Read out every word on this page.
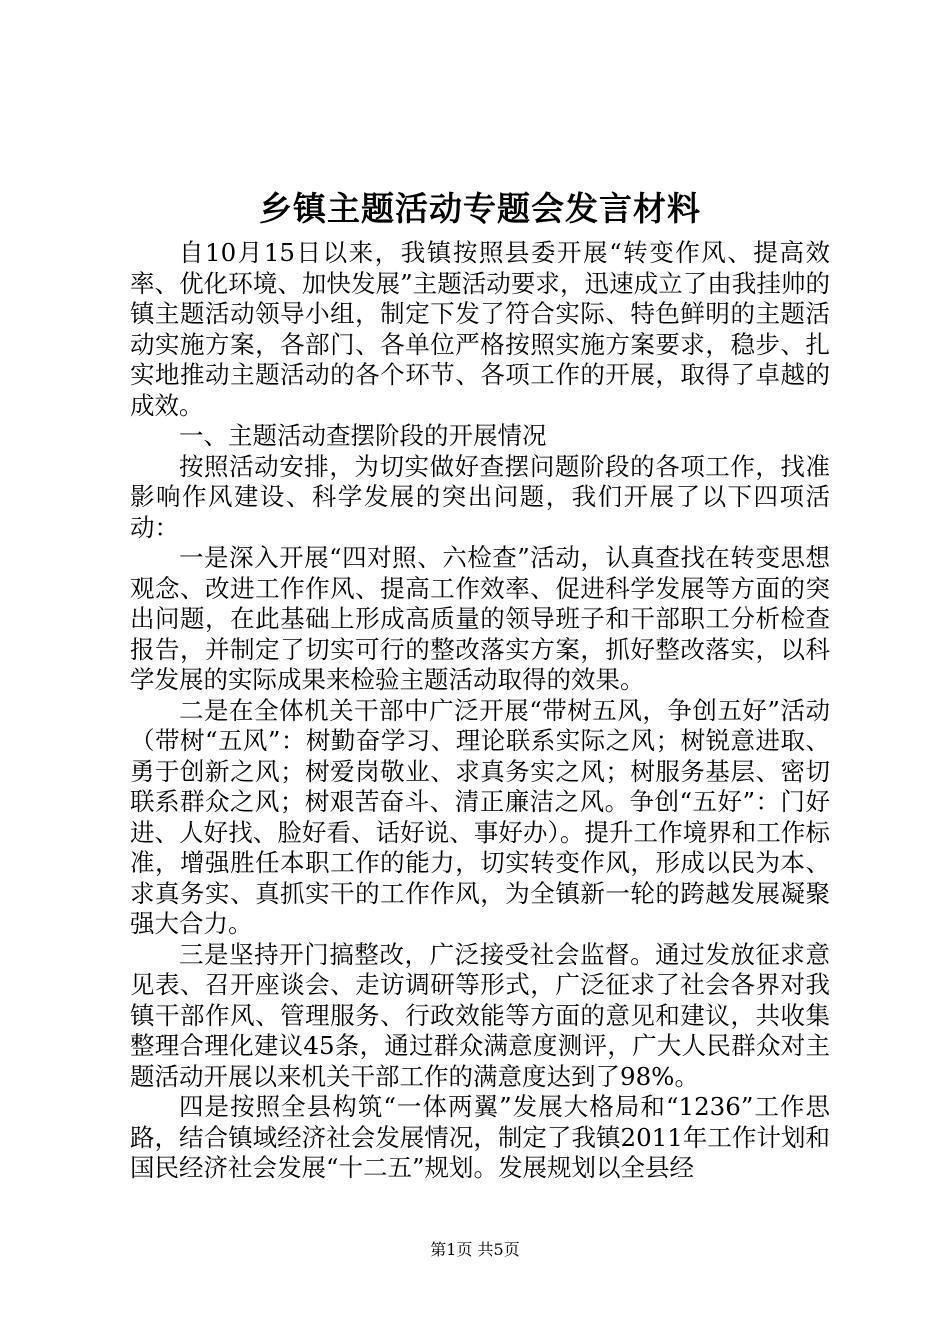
乡镇主题活动专题会发言材料

自10月15日以来，我镇按照县委开展“转变作风、提高效率、优化环境、加快发展”主题活动要求，迅速成立了由我挂帅的镇主题活动领导小组，制定下发了符合实际、特色鲜明的主题活动实施方案，各部门、各单位严格按照实施方案要求，稳步、扎实地推动主题活动的各个环节、各项工作的开展，取得了卓越的成效。

一、主题活动查摆阶段的开展情况

按照活动安排，为切实做好查摆问题阶段的各项工作，找准影响作风建设、科学发展的突出问题，我们开展了以下四项活动：

一是深入开展“四对照、六检查”活动，认真查找在转变思想观念、改进工作作风、提高工作效率、促进科学发展等方面的突出问题，在此基础上形成高质量的领导班子和干部职工分析检查报告，并制定了切实可行的整改落实方案，抓好整改落实，以科学发展的实际成果来检验主题活动取得的效果。

二是在全体机关干部中广泛开展“带树五风，争创五好”活动（带树“五风”：树勤奋学习、理论联系实际之风；树锐意进取、勇于创新之风；树爱岗敬业、求真务实之风；树服务基层、密切联系群众之风；树艰苦奋斗、清正廉洁之风。争创“五好”：门好进、人好找、脸好看、话好说、事好办）。提升工作境界和工作标准，增强胜任本职工作的能力，切实转变作风，形成以民为本、求真务实、真抓实干的工作作风，为全镇新一轮的跨越发展凝聚强大合力。

三是坚持开门搞整改，广泛接受社会监督。通过发放征求意见表、召开座谈会、走访调研等形式，广泛征求了社会各界对我镇干部作风、管理服务、行政效能等方面的意见和建议，共收集整理合理化建议45条，通过群众满意度测评，广大人民群众对主题活动开展以来机关干部工作的满意度达到了98%。

四是按照全县构筑“一体两翼”发展大格局和“1236”工作思路，结合镇域经济社会发展情况，制定了我镇2011年工作计划和国民经济社会发展“十二五”规划。发展规划以全县经

第1页 共5页
